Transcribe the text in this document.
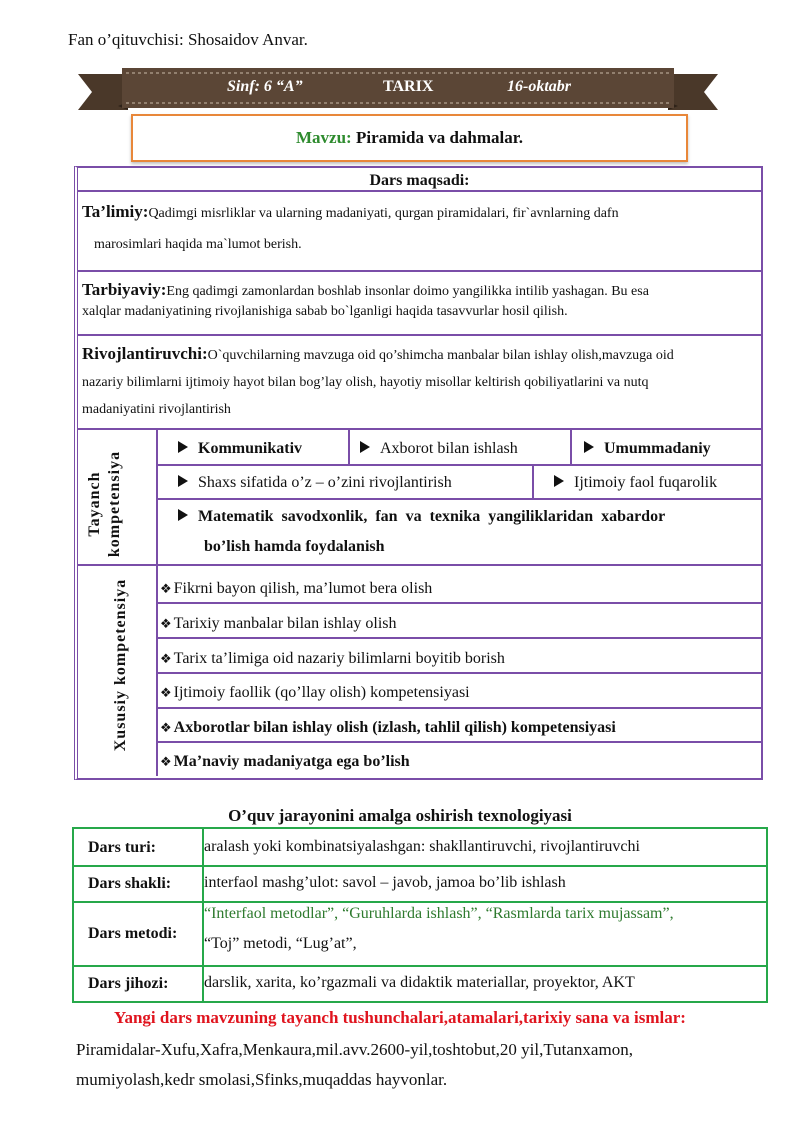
Fan o’qituvchisi: Shosaidov Anvar.
Sinf: 6 “A”	TARIX	16-oktabr
Mavzu: Piramida va dahmalar.
Dars maqsadi:
Ta’limiy:Qadimgi misrliklar va ularning madaniyati, qurgan piramidalari, fir`avnlarning dafn
marosimlari haqida ma`lumot berish.
Tarbiyaviy:Eng qadimgi zamonlardan boshlab insonlar doimo yangilikka intilib yashagan. Bu esa
xalqlar madaniyatining rivojlanishiga sabab bo`lganligi haqida tasavvurlar hosil qilish.
Rivojlantiruvchi:O`quvchilarning mavzuga oid qo’shimcha manbalar bilan ishlay olish,mavzuga oid
nazariy bilimlarni ijtimoiy hayot bilan bog’lay olish, hayotiy misollar keltirish qobiliyatlarini va nutq
madaniyatini rivojlantirish
Tayanch kompetensiya
Kommunikativ	Axborot bilan ishlash	Umummadaniy
Shaxs sifatida o’z – o’zini rivojlantirish	Ijtimoiy faol fuqarolik
Matematik savodxonlik, fan va texnika yangiliklaridan xabardor
bo’lish hamda foydalanish
Xususiy kompetensiya	❖ Fikrni bayon qilish, ma’lumot bera olish
❖ Tarixiy manbalar bilan ishlay olish
❖ Tarix ta’limiga oid nazariy bilimlarni boyitib borish
❖ Ijtimoiy faollik (qo’llay olish) kompetensiyasi
❖ Axborotlar bilan ishlay olish (izlash, tahlil qilish) kompetensiyasi
❖ Ma’naviy madaniyatga ega bo’lish
O’quv jarayonini amalga oshirish texnologiyasi
Dars turi:	aralash yoki kombinatsiyalashgan: shakllantiruvchi, rivojlantiruvchi
Dars shakli: interfaol mashg’ulot: savol – javob, jamoa bo’lib ishlash
Dars metodi:
“Interfaol metodlar”, “Guruhlarda ishlash”, “Rasmlarda tarix mujassam”,
“Toj” metodi, “Lug’at”,
Dars jihozi: darslik, xarita, ko’rgazmali va didaktik materiallar, proyektor, AKT
Yangi dars mavzuning tayanch tushunchalari,atamalari,tarixiy sana va ismlar:
Piramidalar-Xufu,Xafra,Menkaura,mil.avv.2600-yil,toshtobut,20 yil,Tutanxamon,
mumiyolash,kedr smolasi,Sfinks,muqaddas hayvonlar.
